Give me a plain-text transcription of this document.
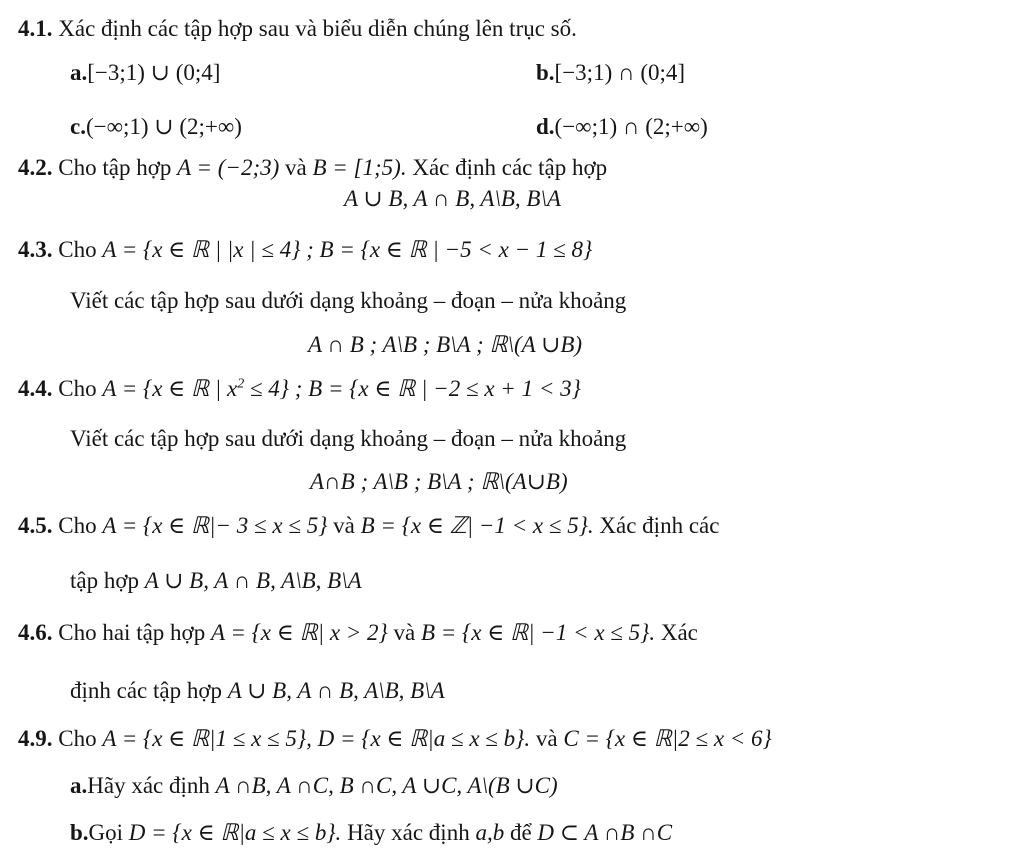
4.1. Xác định các tập hợp sau và biểu diễn chúng lên trục số.
a.[−3;1) ∪ (0;4]	b.[−3;1) ∩ (0;4]
c.(−∞;1) ∪ (2;+∞)	d.(−∞;1) ∩ (2;+∞)
4.2. Cho tập hợp A = (−2;3) và B = [1;5). Xác định các tập hợp
A ∪ B, A ∩ B, A\B, B\A
4.3. Cho A = {x ∈ ℝ | |x | ≤ 4} ; B = {x ∈ ℝ | −5 < x − 1 ≤ 8}
Viết các tập hợp sau dưới dạng khoảng – đoạn – nửa khoảng
A ∩ B ; A\B ; B\A ; ℝ\(A ∪B)
4.4. Cho A = {x ∈ ℝ | $x^2 \le 4$} ; B = {x ∈ ℝ | −2 ≤ x + 1 < 3}
Viết các tập hợp sau dưới dạng khoảng – đoạn – nửa khoảng
A∩B ; A\B ; B\A ; ℝ\(A∪B)
4.5. Cho A = {x ∈ ℝ|− 3 ≤ x ≤ 5} và B = {x ∈ ℤ| −1 < x ≤ 5}. Xác định các
tập hợp A ∪ B, A ∩ B, A\B, B\A
4.6. Cho hai tập hợp A = {x ∈ ℝ| x > 2} và B = {x ∈ ℝ| −1 < x ≤ 5}. Xác
định các tập hợp A ∪ B, A ∩ B, A\B, B\A
4.9. Cho A = {x ∈ ℝ|1 ≤ x ≤ 5}, D = {x ∈ ℝ|a ≤ x ≤ b}. và C = {x ∈ ℝ|2 ≤ x < 6}
a.Hãy xác định A ∩B, A ∩C, B ∩C, A ∪C, A\(B ∪C)
b.Gọi D = {x ∈ ℝ|a ≤ x ≤ b}. Hãy xác định a,b để D ⊂ A ∩B ∩C
